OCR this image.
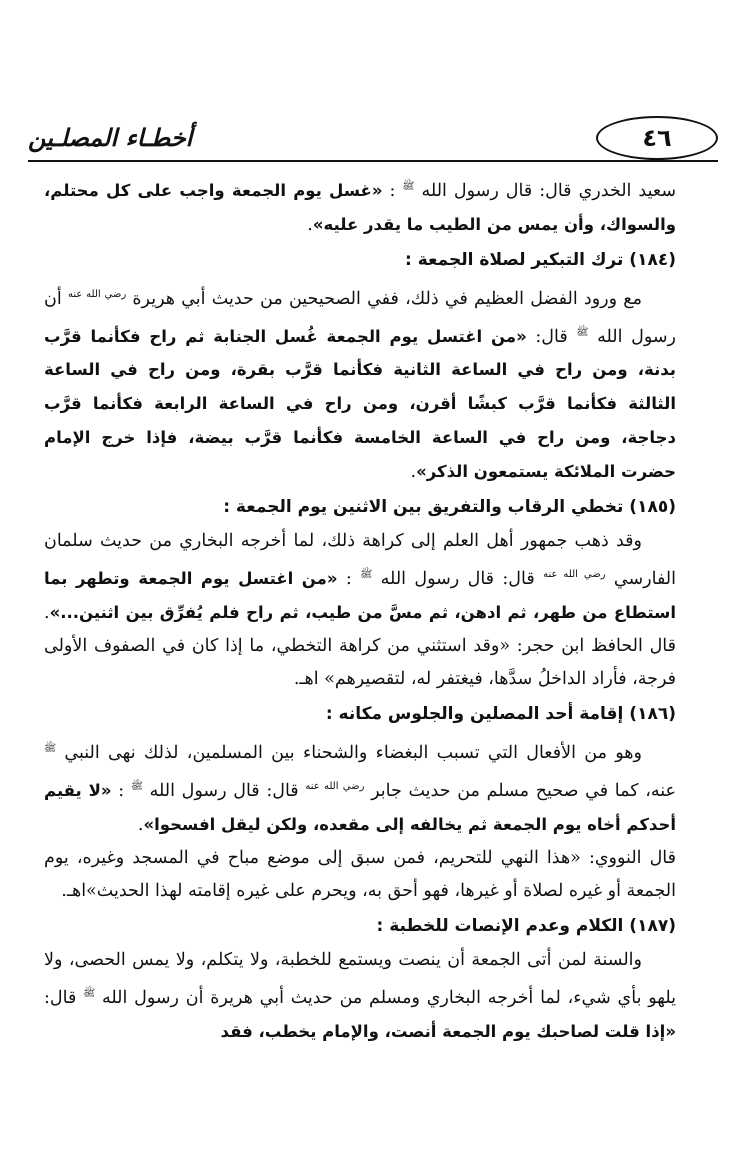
أخطـاء المصلـين	٤٦

سعيد الخدري قال: قال رسول الله $^ﷺ$ : «غسل يوم الجمعة واجب على كل محتلم، والسواك، وأن يمس من الطيب ما يقدر عليه».

(١٨٤) ترك التبكير لصلاة الجمعة :

مع ورود الفضل العظيم في ذلك، ففي الصحيحين من حديث أبي هريرة $^{رضي الله عنه}$ أن رسول الله $^ﷺ$ قال: «من اغتسل يوم الجمعة غُسل الجنابة ثم راح فكأنما قرَّب بدنة، ومن راح في الساعة الثانية فكأنما قرَّب بقرة، ومن راح في الساعة الثالثة فكأنما قرَّب كبشًا أقرن، ومن راح في الساعة الرابعة فكأنما قرَّب دجاجة، ومن راح في الساعة الخامسة فكأنما قرَّب بيضة، فإذا خرج الإمام حضرت الملائكة يستمعون الذكر».

(١٨٥) تخطي الرقاب والتفريق بين الاثنين يوم الجمعة :

وقد ذهب جمهور أهل العلم إلى كراهة ذلك، لما أخرجه البخاري من حديث سلمان الفارسي $^{رضي الله عنه}$ قال: قال رسول الله $^ﷺ$ : «من اغتسل يوم الجمعة وتطهر بما استطاع من طهر، ثم ادهن، ثم مسَّ من طيب، ثم راح فلم يُفرِّق بين اثنين...». قال الحافظ ابن حجر: «وقد استثني من كراهة التخطي، ما إذا كان في الصفوف الأولى فرجة، فأراد الداخلُ سدَّها، فيغتفر له، لتقصيرهم» اهـ.

(١٨٦) إقامة أحد المصلين والجلوس مكانه :

وهو من الأفعال التي تسبب البغضاء والشحناء بين المسلمين، لذلك نهى النبي $^ﷺ$ عنه، كما في صحيح مسلم من حديث جابر $^{رضي الله عنه}$ قال: قال رسول الله $^ﷺ$ : «لا يقيم أحدكم أخاه يوم الجمعة ثم يخالفه إلى مقعده، ولكن ليقل افسحوا».

قال النووي: «هذا النهي للتحريم، فمن سبق إلى موضع مباح في المسجد وغيره، يوم الجمعة أو غيره لصلاة أو غيرها، فهو أحق به، ويحرم على غيره إقامته لهذا الحديث»اهـ.

(١٨٧) الكلام وعدم الإنصات للخطبة :

والسنة لمن أتى الجمعة أن ينصت ويستمع للخطبة، ولا يتكلم، ولا يمس الحصى، ولا يلهو بأي شيء، لما أخرجه البخاري ومسلم من حديث أبي هريرة أن رسول الله $^ﷺ$ قال: «إذا قلت لصاحبك يوم الجمعة أنصت، والإمام يخطب، فقد
